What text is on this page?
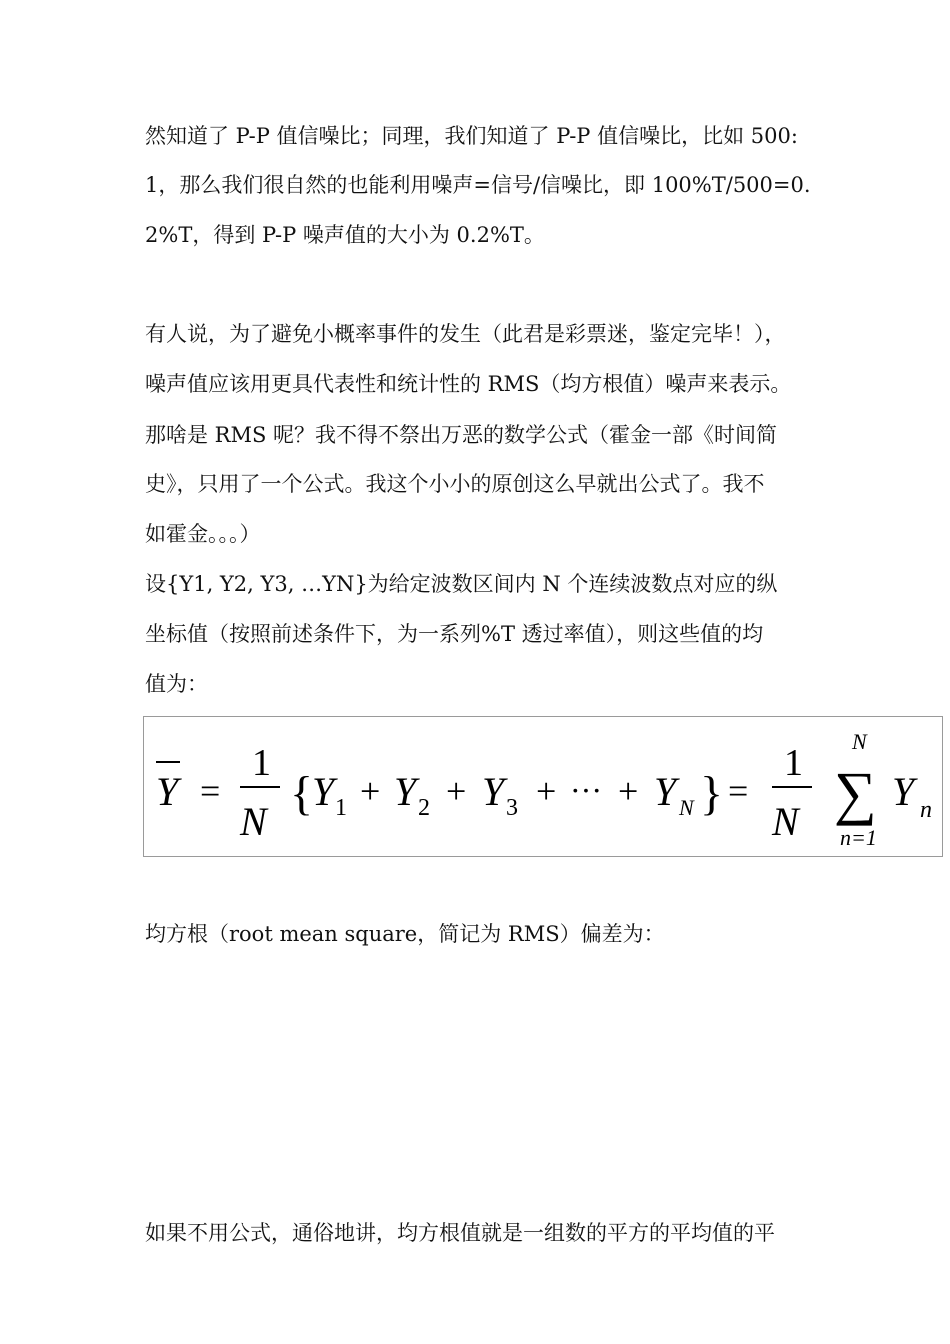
然知道了 P-P 值信噪比；同理，我们知道了 P-P 值信噪比，比如 500:
1，那么我们很自然的也能利用噪声=信号/信噪比，即 100%T/500=0.
2%T，得到 P-P 噪声值的大小为 0.2%T。
有人说，为了避免小概率事件的发生（此君是彩票迷，鉴定完毕！），
噪声值应该用更具代表性和统计性的 RMS（均方根值）噪声来表示。
那啥是 RMS 呢？我不得不祭出万恶的数学公式（霍金一部《时间简
史》，只用了一个公式。我这个小小的原创这么早就出公式了。我不
如霍金。。。）
设{Y1, Y2, Y3, …YN}为给定波数区间内 N 个连续波数点对应的纵
坐标值（按照前述条件下，为一系列%T 透过率值），则这些值的均
值为：
Y =
1
N
{
Y 1 + Y 2 + Y 3 + ··· + Y N } =
1
N
N
∑
n=1
Y n
均方根（root mean square，简记为 RMS）偏差为：
如果不用公式，通俗地讲，均方根值就是一组数的平方的平均值的平
